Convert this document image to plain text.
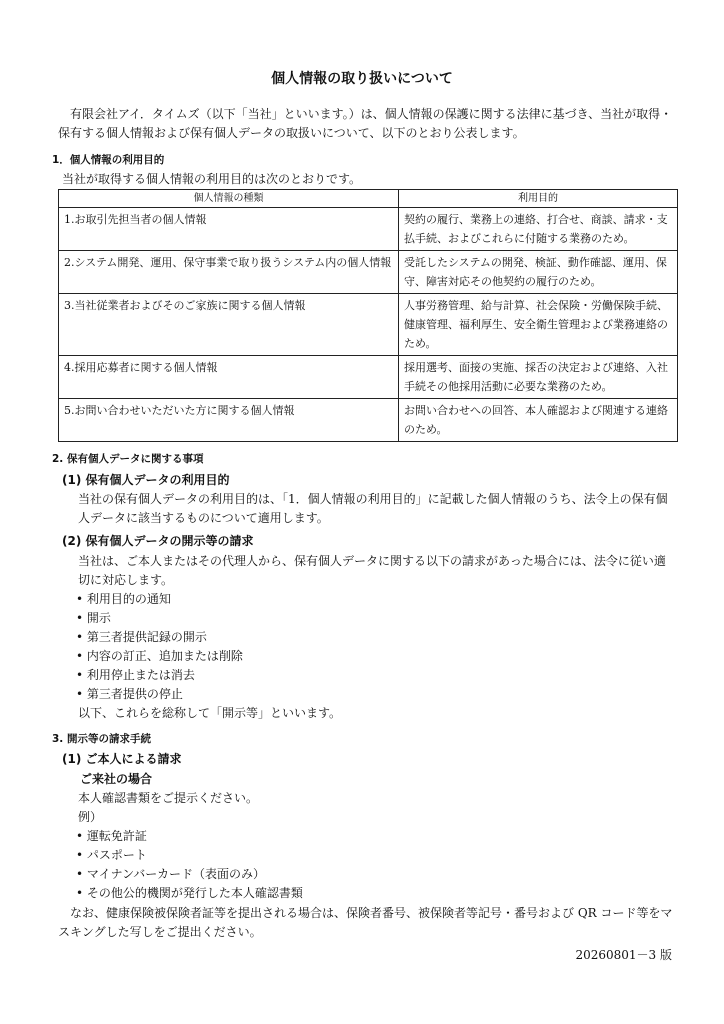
個人情報の取り扱いについて
有限会社アイ．タイムズ（以下「当社」といいます。）は、個人情報の保護に関する法律に基づき、当社が取得・保有する個人情報および保有個人データの取扱いについて、以下のとおり公表します。
1．個人情報の利用目的
当社が取得する個人情報の利用目的は次のとおりです。
個人情報の種類	利用目的
1.お取引先担当者の個人情報	契約の履行、業務上の連絡、打合せ、商談、請求・支払手続、およびこれらに付随する業務のため。
2.システム開発、運用、保守事業で取り扱うシステム内の個人情報	受託したシステムの開発、検証、動作確認、運用、保守、障害対応その他契約の履行のため。
3.当社従業者およびそのご家族に関する個人情報	人事労務管理、給与計算、社会保険・労働保険手続、健康管理、福利厚生、安全衛生管理および業務連絡のため。
4.採用応募者に関する個人情報	採用選考、面接の実施、採否の決定および連絡、入社手続その他採用活動に必要な業務のため。
5.お問い合わせいただいた方に関する個人情報	お問い合わせへの回答、本人確認および関連する連絡のため。
2. 保有個人データに関する事項
(1) 保有個人データの利用目的
当社の保有個人データの利用目的は、「1．個人情報の利用目的」に記載した個人情報のうち、法令上の保有個人データに該当するものについて適用します。
(2) 保有個人データの開示等の請求
当社は、ご本人またはその代理人から、保有個人データに関する以下の請求があった場合には、法令に従い適切に対応します。
• 利用目的の通知
• 開示
• 第三者提供記録の開示
• 内容の訂正、追加または削除
• 利用停止または消去
• 第三者提供の停止
以下、これらを総称して「開示等」といいます。
3. 開示等の請求手続
(1) ご本人による請求
ご来社の場合
本人確認書類をご提示ください。
例）
• 運転免許証
• パスポート
• マイナンバーカード（表面のみ）
• その他公的機関が発行した本人確認書類
なお、健康保険被保険者証等を提出される場合は、保険者番号、被保険者等記号・番号および QR コード等をマスキングした写しをご提出ください。
20260801－3 版
